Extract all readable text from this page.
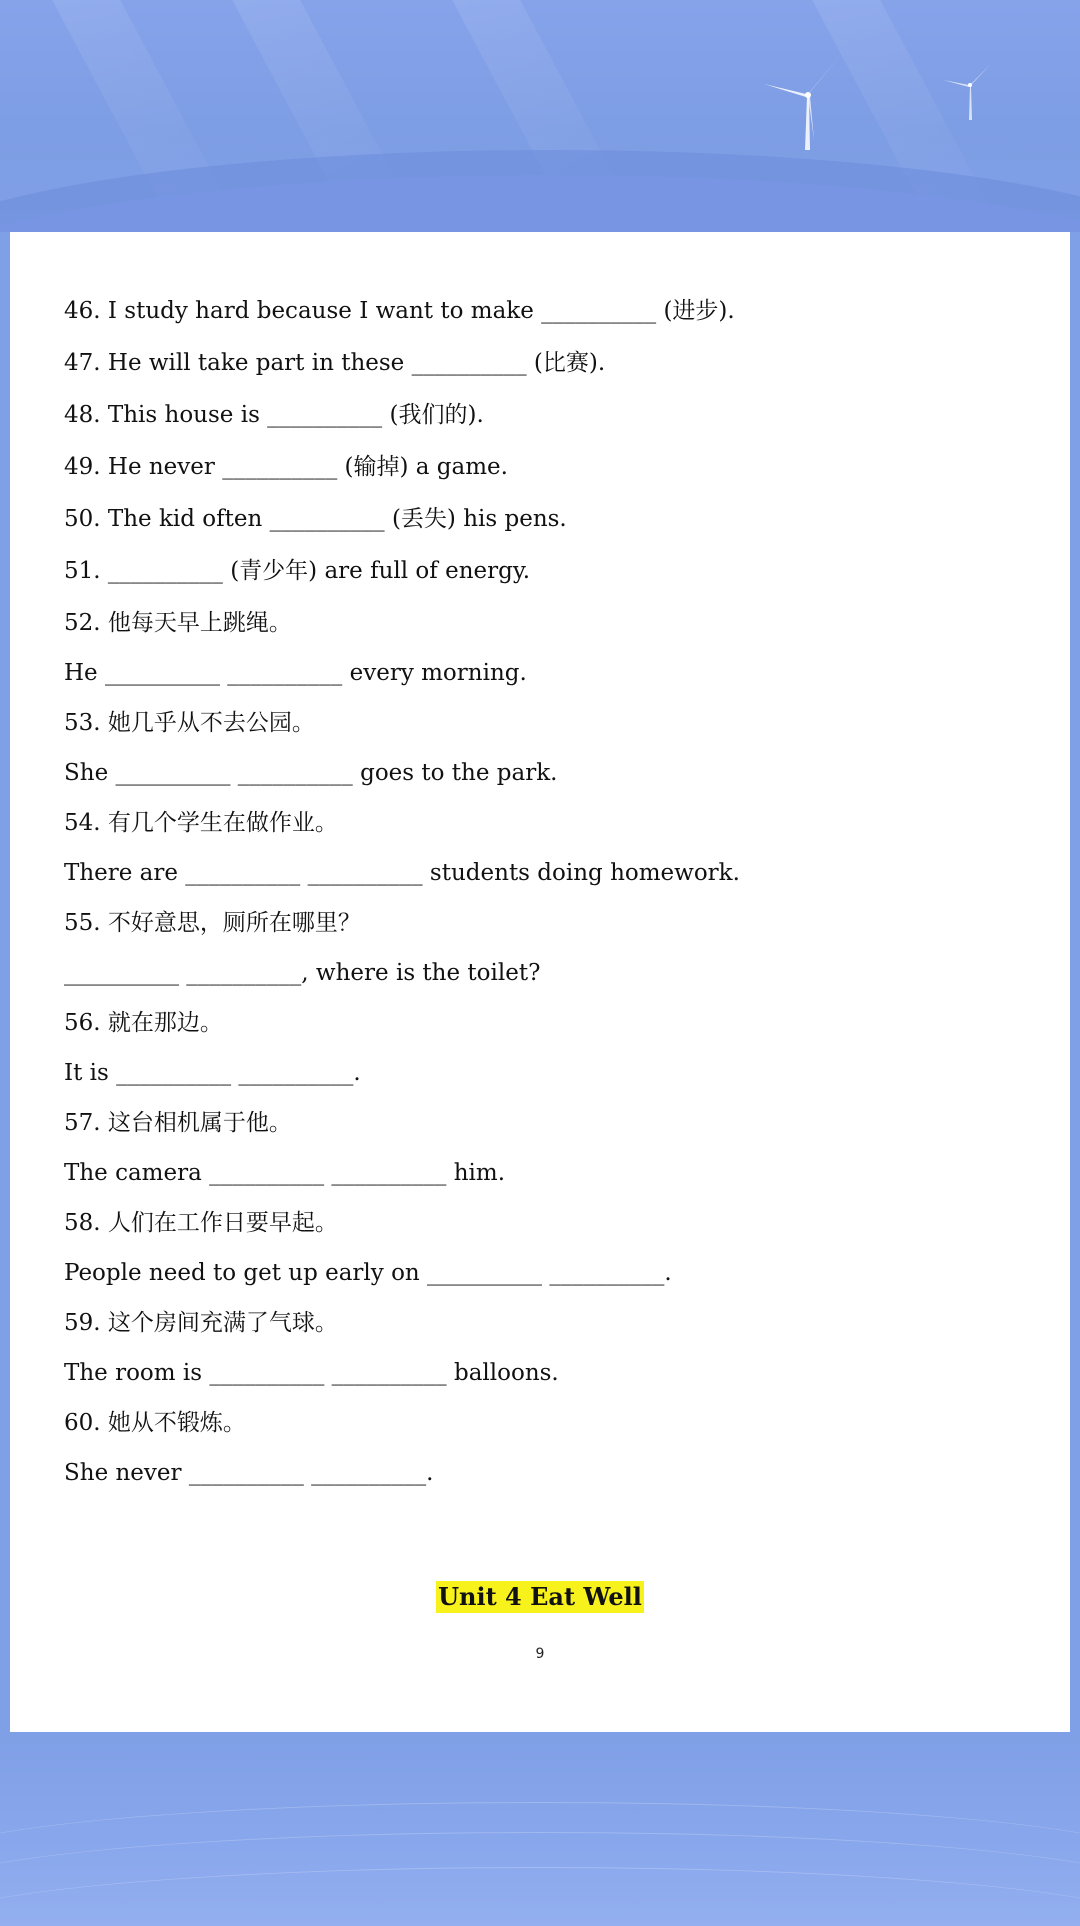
46. I study hard because I want to make __________ (进步).
47. He will take part in these __________ (比赛).
48. This house is __________ (我们的).
49. He never __________ (输掉) a game.
50. The kid often __________ (丢失) his pens.
51. __________ (青少年) are full of energy.
52. 他每天早上跳绳。
He __________ __________ every morning.
53. 她几乎从不去公园。
She __________ __________ goes to the park.
54. 有几个学生在做作业。
There are __________ __________ students doing homework.
55. 不好意思，厕所在哪里？
__________ __________, where is the toilet?
56. 就在那边。
It is __________ __________.
57. 这台相机属于他。
The camera __________ __________ him.
58. 人们在工作日要早起。
People need to get up early on __________ __________.
59. 这个房间充满了气球。
The room is __________ __________ balloons.
60. 她从不锻炼。
She never __________ __________.
Unit 4 Eat Well
9
